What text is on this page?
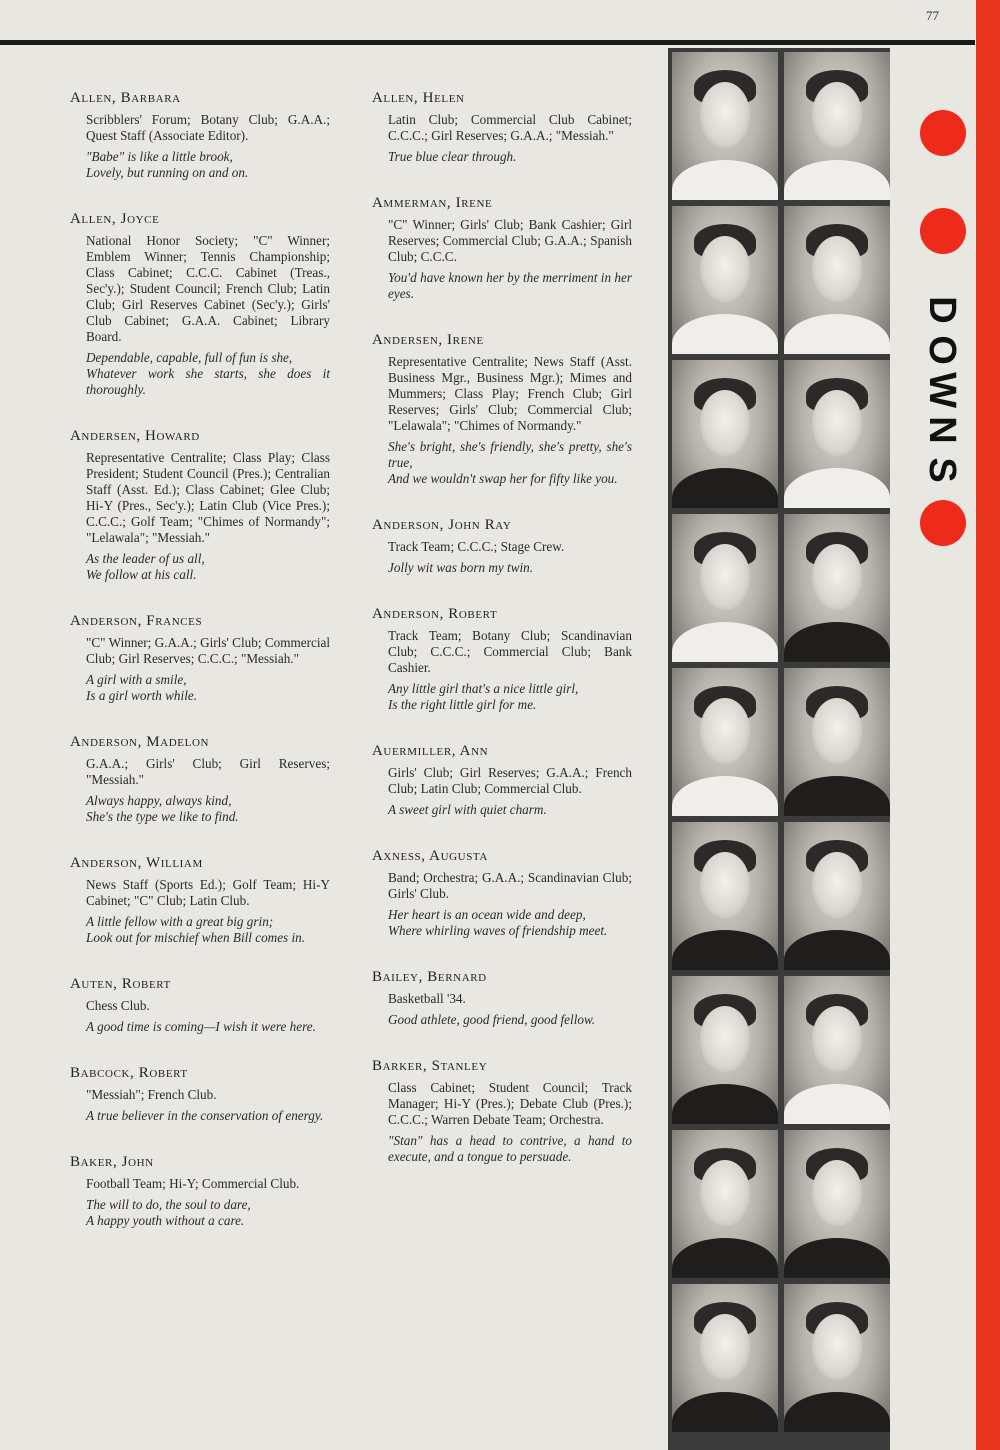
77
D
O
W
N
S
Allen, Barbara
Scribblers' Forum; Botany Club; G.A.A.; Quest Staff (Associate Editor).
"Babe" is like a little brook,
Lovely, but running on and on.
Allen, Joyce
National Honor Society; "C" Winner; Emblem Winner; Tennis Championship; Class Cabinet; C.C.C. Cabinet (Treas., Sec'y.); Student Council; French Club; Latin Club; Girl Reserves Cabinet (Sec'y.); Girls' Club Cabinet; G.A.A. Cabinet; Library Board.
Dependable, capable, full of fun is she,
Whatever work she starts, she does it thoroughly.
Andersen, Howard
Representative Centralite; Class Play; Class President; Student Council (Pres.); Centralian Staff (Asst. Ed.); Class Cabinet; Glee Club; Hi-Y (Pres., Sec'y.); Latin Club (Vice Pres.); C.C.C.; Golf Team; "Chimes of Normandy"; "Lelawala"; "Messiah."
As the leader of us all,
We follow at his call.
Anderson, Frances
"C" Winner; G.A.A.; Girls' Club; Commercial Club; Girl Reserves; C.C.C.; "Messiah."
A girl with a smile,
Is a girl worth while.
Anderson, Madelon
G.A.A.; Girls' Club; Girl Reserves; "Messiah."
Always happy, always kind,
She's the type we like to find.
Anderson, William
News Staff (Sports Ed.); Golf Team; Hi-Y Cabinet; "C" Club; Latin Club.
A little fellow with a great big grin;
Look out for mischief when Bill comes in.
Auten, Robert
Chess Club.
A good time is coming—I wish it were here.
Babcock, Robert
"Messiah"; French Club.
A true believer in the conservation of energy.
Baker, John
Football Team; Hi-Y; Commercial Club.
The will to do, the soul to dare,
A happy youth without a care.
Allen, Helen
Latin Club; Commercial Club Cabinet; C.C.C.; Girl Reserves; G.A.A.; "Messiah."
True blue clear through.
Ammerman, Irene
"C" Winner; Girls' Club; Bank Cashier; Girl Reserves; Commercial Club; G.A.A.; Spanish Club; C.C.C.
You'd have known her by the merriment in her eyes.
Andersen, Irene
Representative Centralite; News Staff (Asst. Business Mgr., Business Mgr.); Mimes and Mummers; Class Play; French Club; Girl Reserves; Girls' Club; Commercial Club; "Lelawala"; "Chimes of Normandy."
She's bright, she's friendly, she's pretty, she's true,
And we wouldn't swap her for fifty like you.
Anderson, John Ray
Track Team; C.C.C.; Stage Crew.
Jolly wit was born my twin.
Anderson, Robert
Track Team; Botany Club; Scandinavian Club; C.C.C.; Commercial Club; Bank Cashier.
Any little girl that's a nice little girl,
Is the right little girl for me.
Auermiller, Ann
Girls' Club; Girl Reserves; G.A.A.; French Club; Latin Club; Commercial Club.
A sweet girl with quiet charm.
Axness, Augusta
Band; Orchestra; G.A.A.; Scandinavian Club; Girls' Club.
Her heart is an ocean wide and deep,
Where whirling waves of friendship meet.
Bailey, Bernard
Basketball '34.
Good athlete, good friend, good fellow.
Barker, Stanley
Class Cabinet; Student Council; Track Manager; Hi-Y (Pres.); Debate Club (Pres.); C.C.C.; Warren Debate Team; Orchestra.
"Stan" has a head to contrive, a hand to execute, and a tongue to persuade.
